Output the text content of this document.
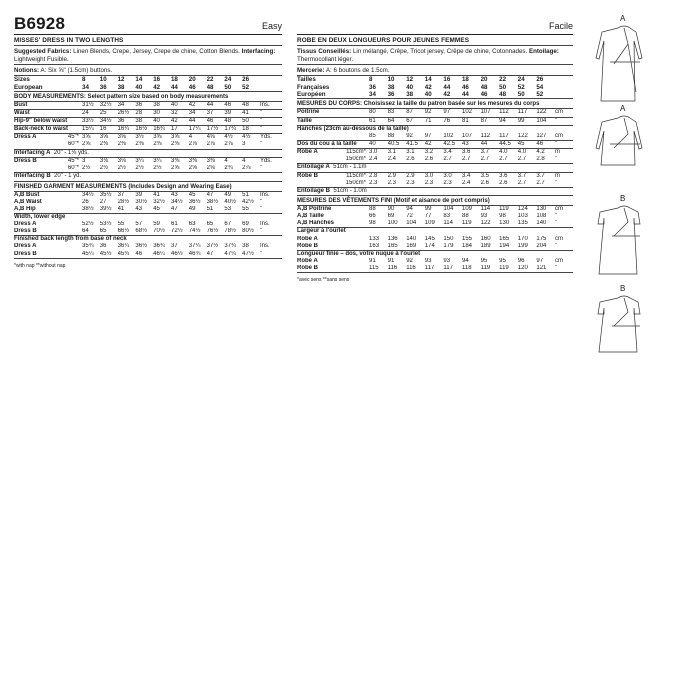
B6928	Easy
MISSES' DRESS IN TWO LENGTHS
Suggested Fabrics: Linen Blends, Crepe, Jersey, Crepe de chine, Cotton Blends. Interfacing: Lightweight Fusible.
Notions: A: Six ⅝" (1.5cm) buttons.
Sizes	8	10	12	14	16	18	20	22	24	26	
European	34	36	38	40	42	44	46	48	50	52	
BODY MEASUREMENTS: Select pattern size based on body measurements
Bust	31½	32½	34	36	38	40	42	44	46	48	Ins.
Waist	24	25	26½	28	30	32	34	37	39	41	"
Hip-9" below waist	33½	34½	36	38	40	42	44	46	48	50	"
Back-neck to waist	15¼	16	16¼	16½	16¾	17	17¼	17½	17¾	18	"
Dress A	45"*	3⅝	3⅝	3⅝	3½	3⅝	3⅝	4	4⅝	4½	4½	Yds.
	60"*	2⅝	2⅜	2⅜	2⅜	2⅜	2⅜	2⅞	2⅞	2⅞	3	"
Interfacing A 20" - 1⅛ yds.
Dress B	45"*	3	3⅛	3⅛	3¼	3¼	3⅜	3⅜	3⅜	4	4	Yds.
	60"*	2½	2½	2½	2½	2½	2⅝	2⅝	2⅝	2¾	2⅞	"
Interfacing B 20" - 1 yd.
FINISHED GARMENT MEASUREMENTS (Includes Design and Wearing Ease)
A,B Bust	34½	35½	37	39	41	43	45	47	49	51	Ins.
A,B Waist	26	27	28½	30½	32½	34½	36½	38½	40½	42½	"
A,B Hip	38½	39½	41	43	45	47	49	51	53	55	"
Width, lower edge
Dress A	52½	53½	55	57	59	61	63	65	67	69	Ins.
Dress B	64	65	66½	68½	70½	72½	74½	76½	78½	80½	"
Finished back length from base of neck
Dress A	35¾	36	36¼	36½	36¾	37	37¼	37½	37¾	38	Ins.
Dress B	45¼	45½	45¾	46	46¼	46½	46¾	47	47¼	47½	"
*with nap **without nap
Facile
ROBE EN DEUX LONGUEURS POUR JEUNES FEMMES
Tissus Conseillés: Lin mélangé, Crêpe, Tricot jersey, Crêpe de chine, Cotonnades. Entoilage: Thermocollant léger.
Mercerie: A: 6 boutons de 1.5cm.
Tailles	8	10	12	14	16	18	20	22	24	26	
Françaises	36	38	40	42	44	46	48	50	52	54	
Européen	34	36	38	40	42	44	46	48	50	52	
MESURES DU CORPS: Choisissez la taille du patron basée sur les mesures du corps
Poitrine	80	83	87	92	97	102	107	112	117	122	cm
Taille	61	64	67	71	76	81	87	94	99	104	"
Hanches (23cm au-dessous de la taille)
	85	88	92	97	102	107	112	117	122	127	cm
Dos du cou à la taille	40	40.5	41.5	42	42.5	43	44	44.5	45	46	"
Robe A	115cm*	3.0	3.1	3.1	3.2	3.4	3.6	3.7	4.0	4.0	4.2	m
	150cm*	2.4	2.4	2.6	2.6	2.7	2.7	2.7	2.7	2.7	2.8	"
Entoilage A 51cm - 1.1m
Robe B	115cm*	2.8	2.9	2.9	3.0	3.0	3.4	3.5	3.6	3.7	3.7	m
	150cm*	2.3	2.3	2.3	2.3	2.3	2.4	2.6	2.6	2.7	2.7	"
Entoilage B 51cm - 1.0m
MESURES DES VÊTEMENTS FINI (Motif et aisance de port compris)
A,B Poitrine	88	90	94	99	104	109	114	119	124	130	cm
A,B Taille	66	69	72	77	83	88	93	98	103	108	"
A,B Hanches	98	100	104	109	114	119	122	130	135	140	"
Largeur à l'ourlet
Robe A	133	136	140	145	150	155	160	165	170	175	cm
Robe B	163	165	169	174	179	184	189	194	199	204	"
Longueur finie – dos, votre nuque à l'ourlet
Robe A	91	91	92	93	93	94	95	95	96	97	cm
Robe B	115	116	116	117	117	118	119	119	120	121	"
*avec sens **sans sens
A
A
B
B
